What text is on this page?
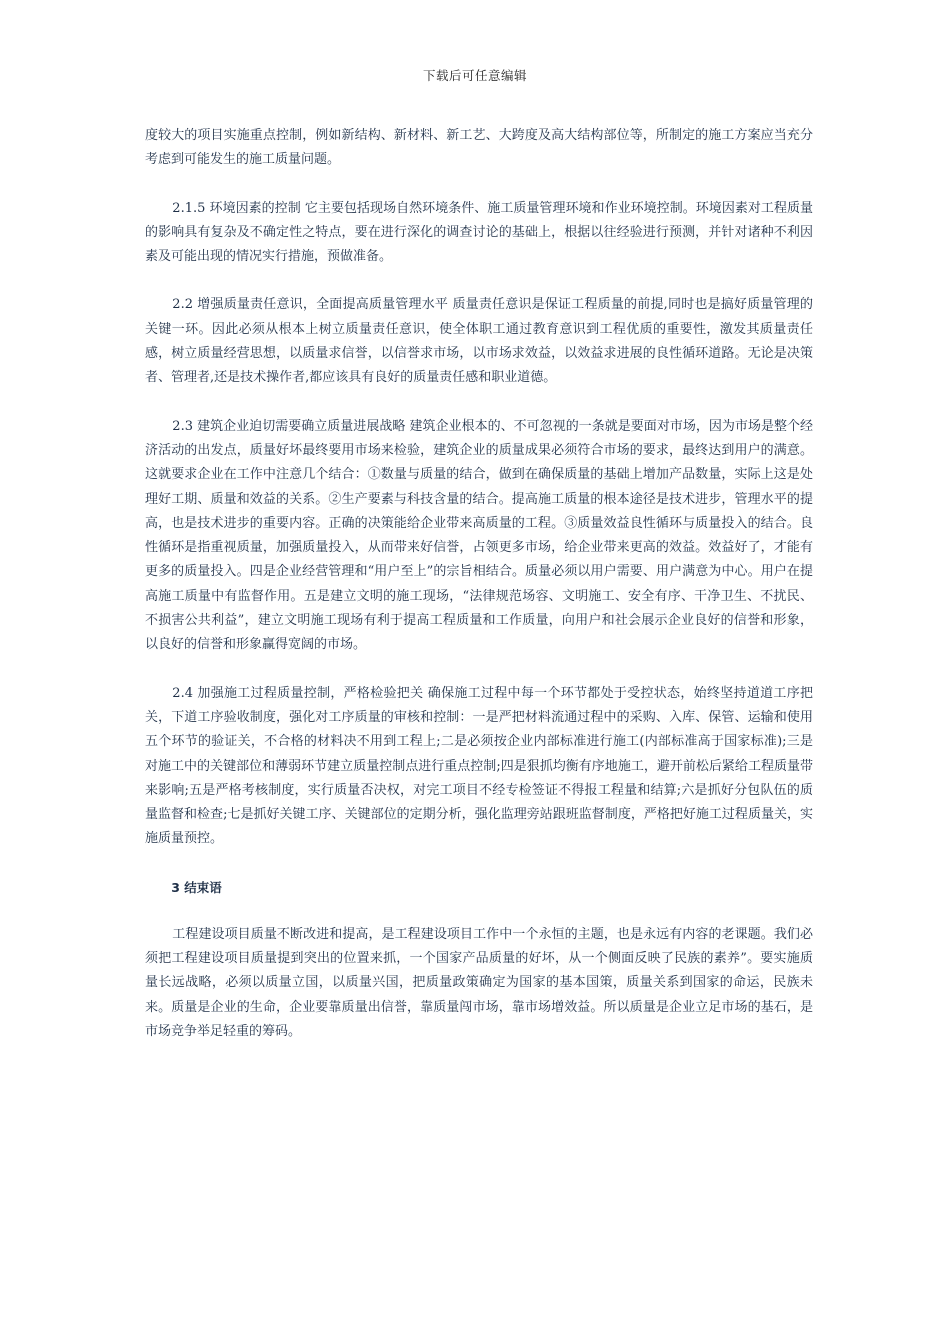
下载后可任意编辑

度较大的项目实施重点控制，例如新结构、新材料、新工艺、大跨度及高大结构部位等，所制定的施工方案应当充分考虑到可能发生的施工质量问题。

2.1.5 环境因素的控制 它主要包括现场自然环境条件、施工质量管理环境和作业环境控制。环境因素对工程质量的影响具有复杂及不确定性之特点，要在进行深化的调查讨论的基础上，根据以往经验进行预测，并针对诸种不利因素及可能出现的情况实行措施，预做准备。

2.2 增强质量责任意识，全面提高质量管理水平 质量责任意识是保证工程质量的前提,同时也是搞好质量管理的关键一环。因此必须从根本上树立质量责任意识，使全体职工通过教育意识到工程优质的重要性，激发其质量责任感，树立质量经营思想，以质量求信誉，以信誉求市场，以市场求效益，以效益求进展的良性循环道路。无论是决策者、管理者,还是技术操作者,都应该具有良好的质量责任感和职业道德。

2.3 建筑企业迫切需要确立质量进展战略 建筑企业根本的、不可忽视的一条就是要面对市场，因为市场是整个经济活动的出发点，质量好坏最终要用市场来检验，建筑企业的质量成果必须符合市场的要求，最终达到用户的满意。这就要求企业在工作中注意几个结合：①数量与质量的结合，做到在确保质量的基础上增加产品数量，实际上这是处理好工期、质量和效益的关系。②生产要素与科技含量的结合。提高施工质量的根本途径是技术进步，管理水平的提高，也是技术进步的重要内容。正确的决策能给企业带来高质量的工程。③质量效益良性循环与质量投入的结合。良性循环是指重视质量，加强质量投入，从而带来好信誉，占领更多市场，给企业带来更高的效益。效益好了，才能有更多的质量投入。四是企业经营管理和“用户至上”的宗旨相结合。质量必须以用户需要、用户满意为中心。用户在提高施工质量中有监督作用。五是建立文明的施工现场，“法律规范场容、文明施工、安全有序、干净卫生、不扰民、不损害公共利益”，建立文明施工现场有利于提高工程质量和工作质量，向用户和社会展示企业良好的信誉和形象，以良好的信誉和形象赢得宽阔的市场。

2.4 加强施工过程质量控制，严格检验把关 确保施工过程中每一个环节都处于受控状态，始终坚持道道工序把关，下道工序验收制度，强化对工序质量的审核和控制：一是严把材料流通过程中的采购、入库、保管、运输和使用五个环节的验证关，不合格的材料决不用到工程上;二是必须按企业内部标准进行施工(内部标准高于国家标准);三是对施工中的关键部位和薄弱环节建立质量控制点进行重点控制;四是狠抓均衡有序地施工，避开前松后紧给工程质量带来影响;五是严格考核制度，实行质量否决权，对完工项目不经专检签证不得报工程量和结算;六是抓好分包队伍的质量监督和检查;七是抓好关键工序、关键部位的定期分析，强化监理旁站跟班监督制度，严格把好施工过程质量关，实施质量预控。

3 结束语

工程建设项目质量不断改进和提高，是工程建设项目工作中一个永恒的主题，也是永远有内容的老课题。我们必须把工程建设项目质量提到突出的位置来抓，一个国家产品质量的好坏，从一个侧面反映了民族的素养”。要实施质量长远战略，必须以质量立国，以质量兴国，把质量政策确定为国家的基本国策，质量关系到国家的命运，民族未来。质量是企业的生命，企业要靠质量出信誉，靠质量闯市场，靠市场增效益。所以质量是企业立足市场的基石，是市场竞争举足轻重的筹码。
